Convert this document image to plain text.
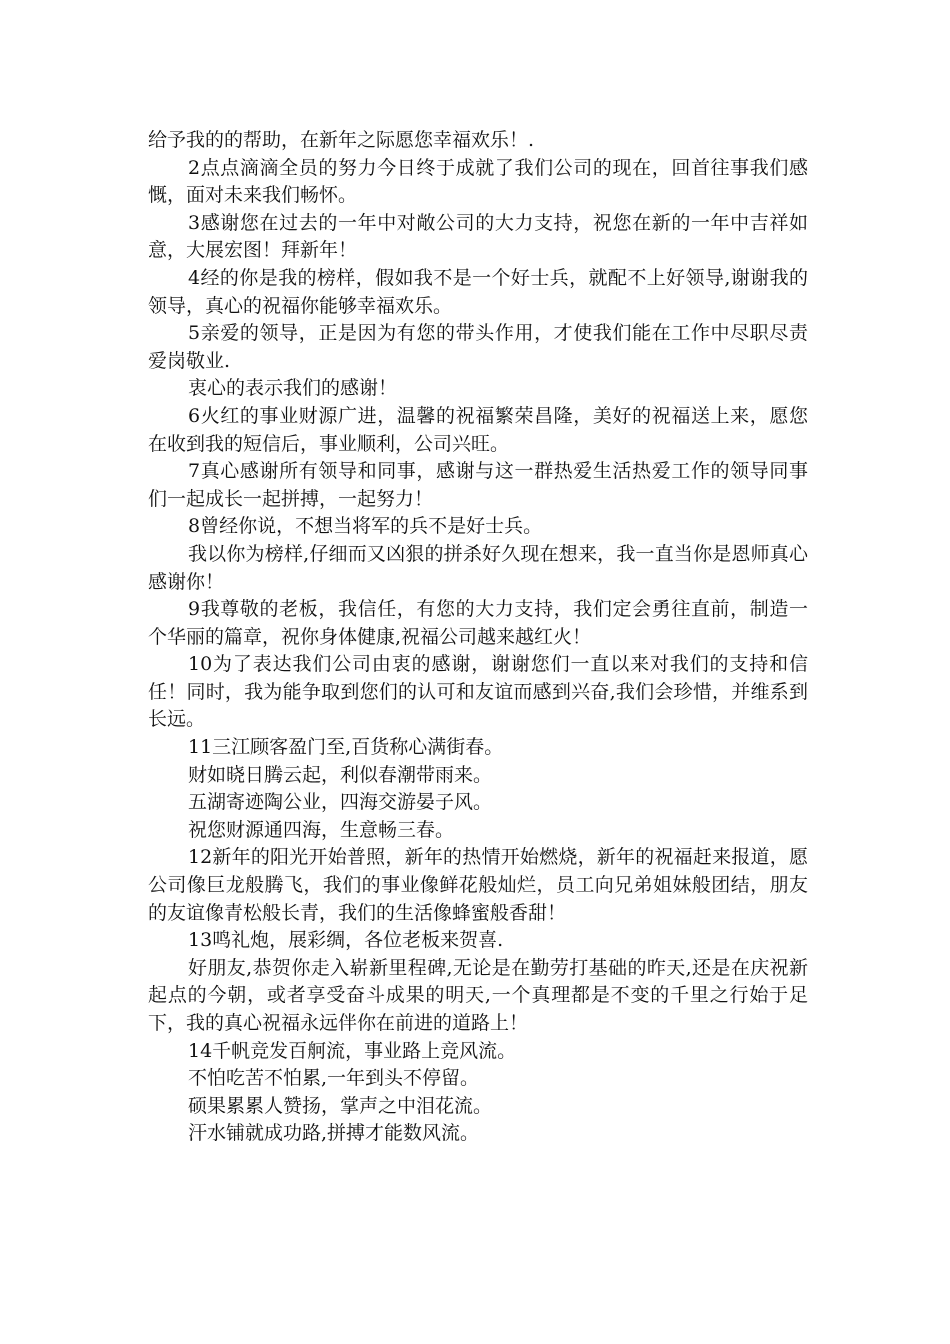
给予我的的帮助，在新年之际愿您幸福欢乐！.

2点点滴滴全员的努力今日终于成就了我们公司的现在，回首往事我们感慨，面对未来我们畅怀。

3感谢您在过去的一年中对敞公司的大力支持，祝您在新的一年中吉祥如意，大展宏图！拜新年！

4经的你是我的榜样，假如我不是一个好士兵，就配不上好领导,谢谢我的领导，真心的祝福你能够幸福欢乐。

5亲爱的领导，正是因为有您的带头作用，才使我们能在工作中尽职尽责爱岗敬业.

衷心的表示我们的感谢！

6火红的事业财源广进，温馨的祝福繁荣昌隆，美好的祝福送上来，愿您在收到我的短信后，事业顺利，公司兴旺。

7真心感谢所有领导和同事，感谢与这一群热爱生活热爱工作的领导同事们一起成长一起拼搏，一起努力！

8曾经你说，不想当将军的兵不是好士兵。

我以你为榜样,仔细而又凶狠的拼杀好久现在想来，我一直当你是恩师真心感谢你！

9我尊敬的老板，我信任，有您的大力支持，我们定会勇往直前，制造一个华丽的篇章，祝你身体健康,祝福公司越来越红火！

10为了表达我们公司由衷的感谢，谢谢您们一直以来对我们的支持和信任！同时，我为能争取到您们的认可和友谊而感到兴奋,我们会珍惜，并维系到长远。

11三江顾客盈门至,百货称心满街春。

财如晓日腾云起，利似春潮带雨来。

五湖寄迹陶公业，四海交游晏子风。

祝您财源通四海，生意畅三春。

12新年的阳光开始普照，新年的热情开始燃烧，新年的祝福赶来报道，愿公司像巨龙般腾飞，我们的事业像鲜花般灿烂，员工向兄弟姐妹般团结，朋友的友谊像青松般长青，我们的生活像蜂蜜般香甜！

13鸣礼炮，展彩绸，各位老板来贺喜.

好朋友,恭贺你走入崭新里程碑,无论是在勤劳打基础的昨天,还是在庆祝新起点的今朝，或者享受奋斗成果的明天,一个真理都是不变的千里之行始于足下，我的真心祝福永远伴你在前进的道路上！

14千帆竞发百舸流，事业路上竞风流。

不怕吃苦不怕累,一年到头不停留。

硕果累累人赞扬，掌声之中泪花流。

汗水铺就成功路,拼搏才能数风流。
